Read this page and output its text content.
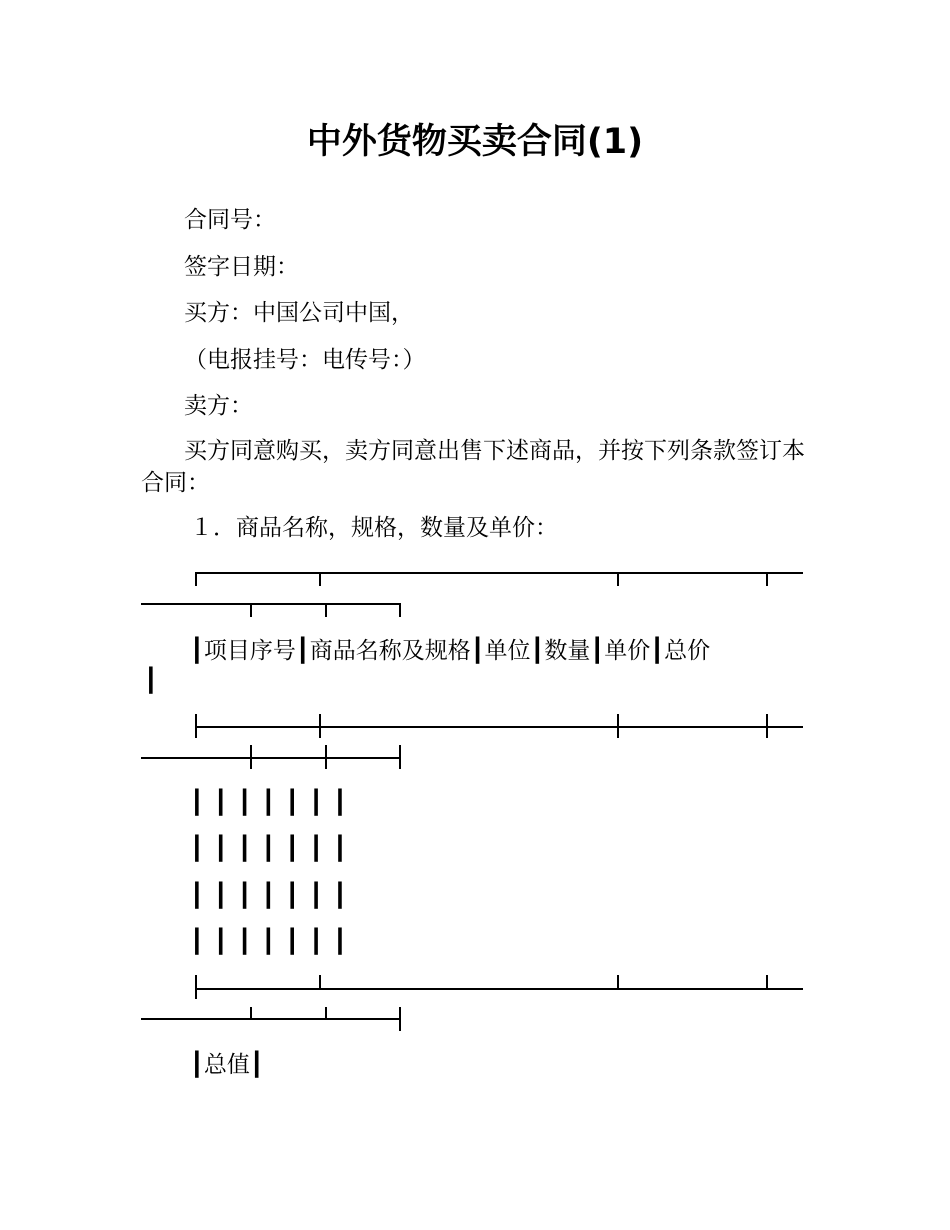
中外货物买卖合同(1)

合同号：

签字日期：

买方：中国公司中国，

（电报挂号：电传号：）

卖方：

买方同意购买，卖方同意出售下述商品，并按下列条款签订本合同：

１．商品名称，规格，数量及单价：

┃项目序号┃商品名称及规格┃单位┃数量┃单价┃总价

┃

┃┃┃┃┃┃┃

┃┃┃┃┃┃┃

┃┃┃┃┃┃┃

┃┃┃┃┃┃┃

┃总值┃
